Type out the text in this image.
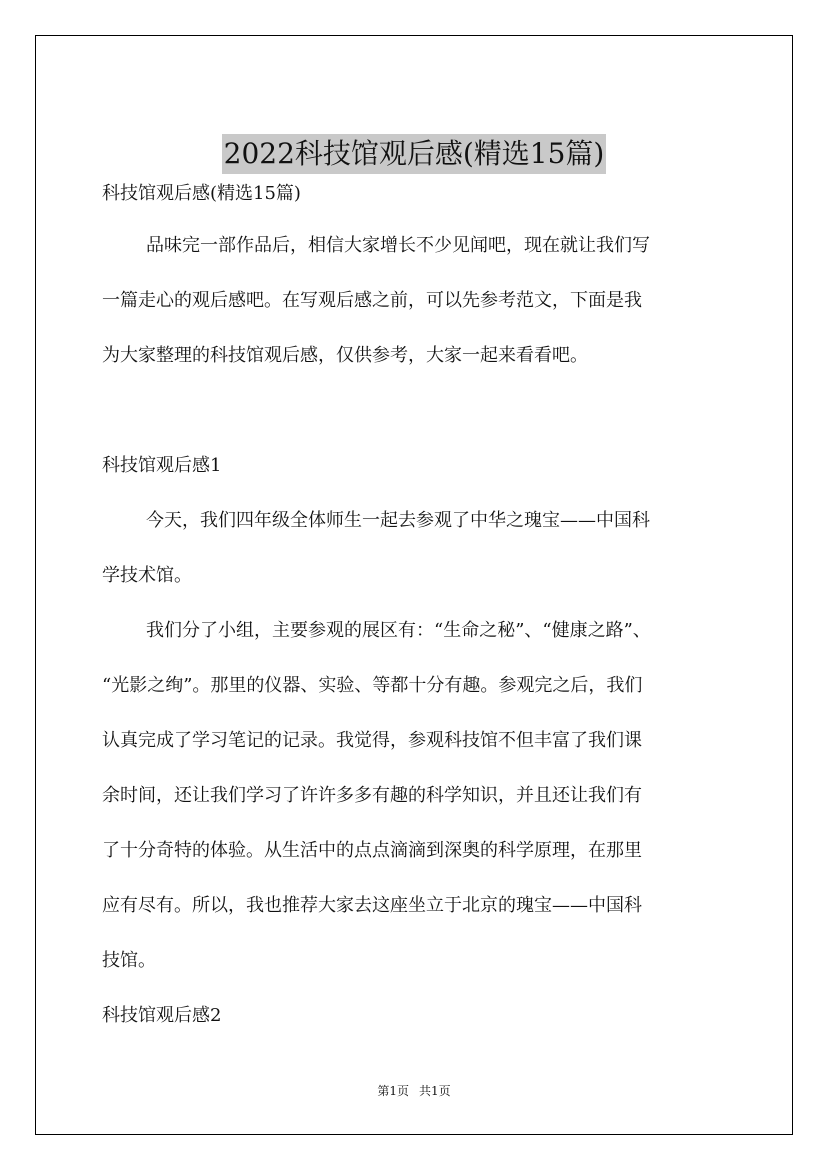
2022科技馆观后感(精选15篇)
科技馆观后感(精选15篇)
品味完一部作品后，相信大家增长不少见闻吧，现在就让我们写
一篇走心的观后感吧。在写观后感之前，可以先参考范文，下面是我
为大家整理的科技馆观后感，仅供参考，大家一起来看看吧。
科技馆观后感1
今天，我们四年级全体师生一起去参观了中华之瑰宝——中国科
学技术馆。
我们分了小组，主要参观的展区有：“生命之秘”、“健康之路”、
“光影之绚”。那里的仪器、实验、等都十分有趣。参观完之后，我们
认真完成了学习笔记的记录。我觉得，参观科技馆不但丰富了我们课
余时间，还让我们学习了许许多多有趣的科学知识，并且还让我们有
了十分奇特的体验。从生活中的点点滴滴到深奥的科学原理，在那里
应有尽有。所以，我也推荐大家去这座坐立于北京的瑰宝——中国科
技馆。
科技馆观后感2
第1页 共1页
